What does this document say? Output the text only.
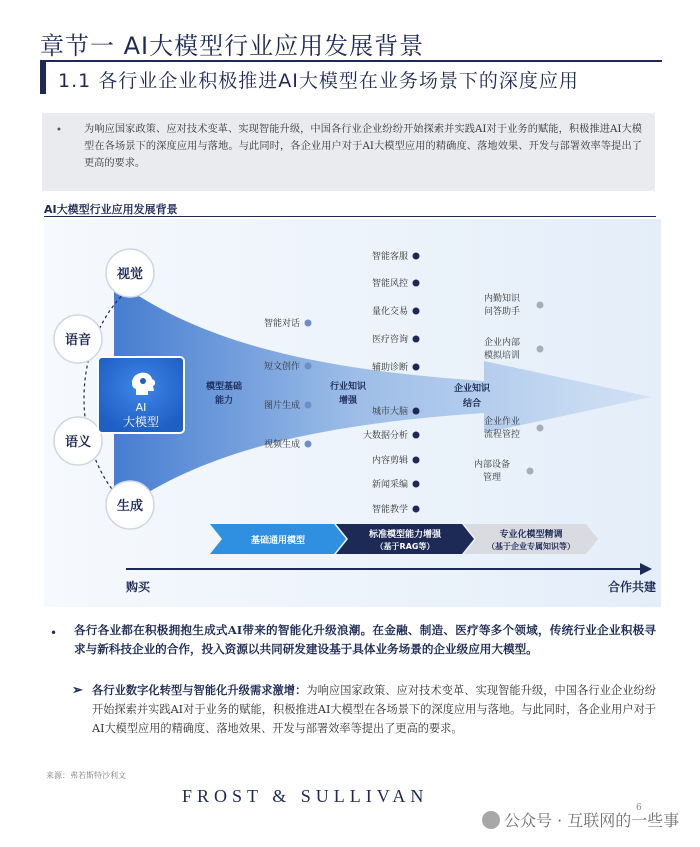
章节一 AI大模型行业应用发展背景
1.1 各行业企业积极推进AI大模型在业务场景下的深度应用
• 为响应国家政策、应对技术变革、实现智能升级，中国各行业企业纷纷开始探索并实践AI对于业务的赋能，积极推进AI大模型在各场景下的深度应用与落地。与此同时，各企业用户对于AI大模型应用的精确度、落地效果、开发与部署效率等提出了更高的要求。
AI大模型行业应用发展背景
视觉
语音
语义
生成
AI
大模型
模型基础
能力
行业知识
增强
企业知识
结合
智能对话
短文创作
图片生成
视频生成
智能客服
智能风控
量化交易
医疗咨询
辅助诊断
城市大脑
大数据分析
内容剪辑
新闻采编
智能教学
内勤知识
问答助手
企业内部
模拟培训
企业作业
流程管控
内部设备
管理
基础通用模型
标准模型能力增强
（基于RAG等）
专业化模型精调
（基于企业专属知识等）
购买	合作共建
• 各行各业都在积极拥抱生成式AI带来的智能化升级浪潮。在金融、制造、医疗等多个领域，传统行业企业积极寻求与新科技企业的合作，投入资源以共同研发建设基于具体业务场景的企业级应用大模型。
➢ 各行业数字化转型与智能化升级需求激增：为响应国家政策、应对技术变革、实现智能升级，中国各行业企业纷纷开始探索并实践AI对于业务的赋能，积极推进AI大模型在各场景下的深度应用与落地。与此同时，各企业用户对于AI大模型应用的精确度、落地效果、开发与部署效率等提出了更高的要求。
来源：弗若斯特沙利文
FROST & SULLIVAN
6
公众号 · 互联网的一些事
